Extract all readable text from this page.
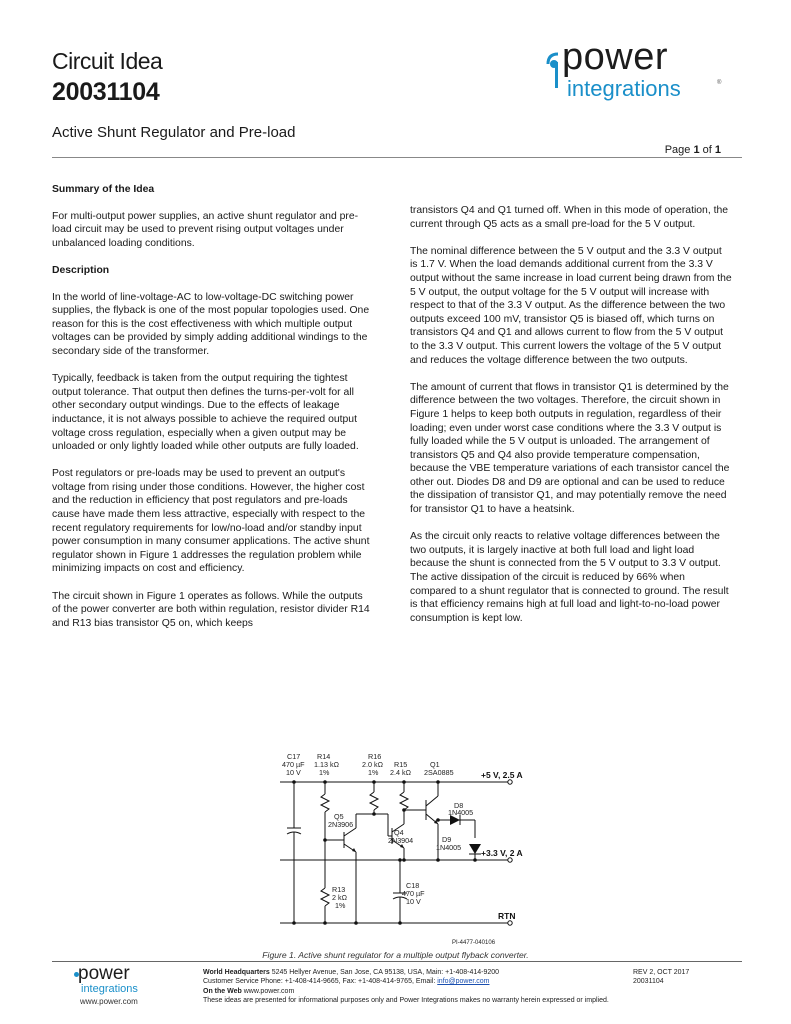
Circuit Idea
20031104
Active Shunt Regulator and Pre-load
power
integrations	®
Page 1 of 1
Summary of the Idea

For multi-output power supplies, an active shunt regulator and pre-load circuit may be used to prevent rising output voltages under unbalanced loading conditions.

Description

In the world of line-voltage-AC to low-voltage-DC switching power supplies, the flyback is one of the most popular topologies used. One reason for this is the cost effectiveness with which multiple output voltages can be provided by simply adding additional windings to the secondary side of the transformer.

Typically, feedback is taken from the output requiring the tightest output tolerance. That output then defines the turns-per-volt for all other secondary output windings. Due to the effects of leakage inductance, it is not always possible to achieve the required output voltage cross regulation, especially when a given output may be unloaded or only lightly loaded while other outputs are fully loaded.

Post regulators or pre-loads may be used to prevent an output's voltage from rising under those conditions. However, the higher cost and the reduction in efficiency that post regulators and pre-loads cause have made them less attractive, especially with respect to the recent regulatory requirements for low/no-load and/or standby input power consumption in many consumer applications. The active shunt regulator shown in Figure 1 addresses the regulation problem while minimizing impacts on cost and efficiency.

The circuit shown in Figure 1 operates as follows. While the outputs of the power converter are both within regulation, resistor divider R14 and R13 bias transistor Q5 on, which keeps

transistors Q4 and Q1 turned off. When in this mode of operation, the current through Q5 acts as a small pre-load for the 5 V output.

The nominal difference between the 5 V output and the 3.3 V output is 1.7 V. When the load demands additional current from the 3.3 V output without the same increase in load current being drawn from the 5 V output, the output voltage for the 5 V output will increase with respect to that of the 3.3 V output. As the difference between the two outputs exceed 100 mV, transistor Q5 is biased off, which turns on transistors Q4 and Q1 and allows current to flow from the 5 V output to the 3.3 V output. This current lowers the voltage of the 5 V output and reduces the voltage difference between the two outputs.

The amount of current that flows in transistor Q1 is determined by the difference between the two voltages. Therefore, the circuit shown in Figure 1 helps to keep both outputs in regulation, regardless of their loading; even under worst case conditions where the 3.3 V output is fully loaded while the 5 V output is unloaded. The arrangement of transistors Q5 and Q4 also provide temperature compensation, because the VBE temperature variations of each transistor cancel the other out. Diodes D8 and D9 are optional and can be used to reduce the dissipation of transistor Q1, and may potentially remove the need for transistor Q1 to have a heatsink.

As the circuit only reacts to relative voltage differences between the two outputs, it is largely inactive at both full load and light load because the shunt is connected from the 5 V output to 3.3 V output. The active dissipation of the circuit is reduced by 66% when compared to a shunt regulator that is connected to ground. The result is that efficiency remains high at full load and light-to-no-load power consumption is kept low.

C17
470 µF
10 V
R14
1.13 kΩ
1%
R16
2.0 kΩ
1%
R15
2.4 kΩ
Q1
2SA0885	+5 V, 2.5 A
Q5
2N3906
D8
1N4005
Q4
2N3904	D9
1N4005
+3.3 V, 2 A
R13
2 kΩ
1%
C18
470 µF
10 V
RTN
PI-4477-040106
Figure 1. Active shunt regulator for a multiple output flyback converter.
power
integrations
www.power.com
World Headquarters 5245 Hellyer Avenue, San Jose, CA 95138, USA, Main: +1-408-414-9200
Customer Service Phone: +1-408-414-9665, Fax: +1-408-414-9765, Email: info@power.com
On the Web www.power.com
These ideas are presented for informational purposes only and Power Integrations makes no warranty herein expressed or implied.
REV 2, OCT 2017
20031104
